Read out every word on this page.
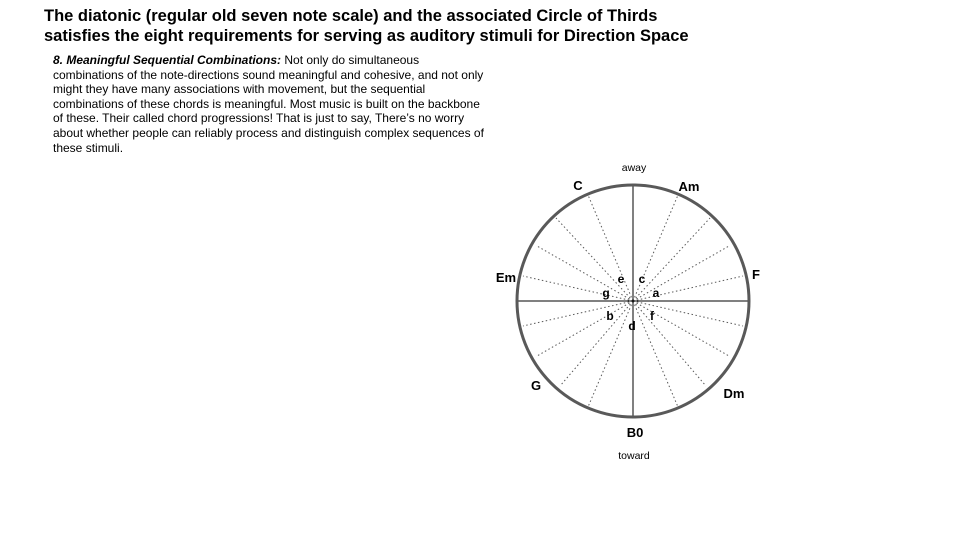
The diatonic (regular old seven note scale) and the associated Circle of Thirds
satisfies the eight requirements for serving as auditory stimuli for Direction Space

8. Meaningful Sequential Combinations: Not only do simultaneous combinations of the note-directions sound meaningful and cohesive, and not only might they have many associations with movement, but the sequential combinations of these chords is meaningful. Most music is built on the backbone of these. Their called chord progressions! That is just to say, There’s no worry about whether people can reliably process and distinguish complex sequences of these stimuli.

away
toward
C	Am
F
Dm
B0
G
Em	e c
g	a
b	f
d
